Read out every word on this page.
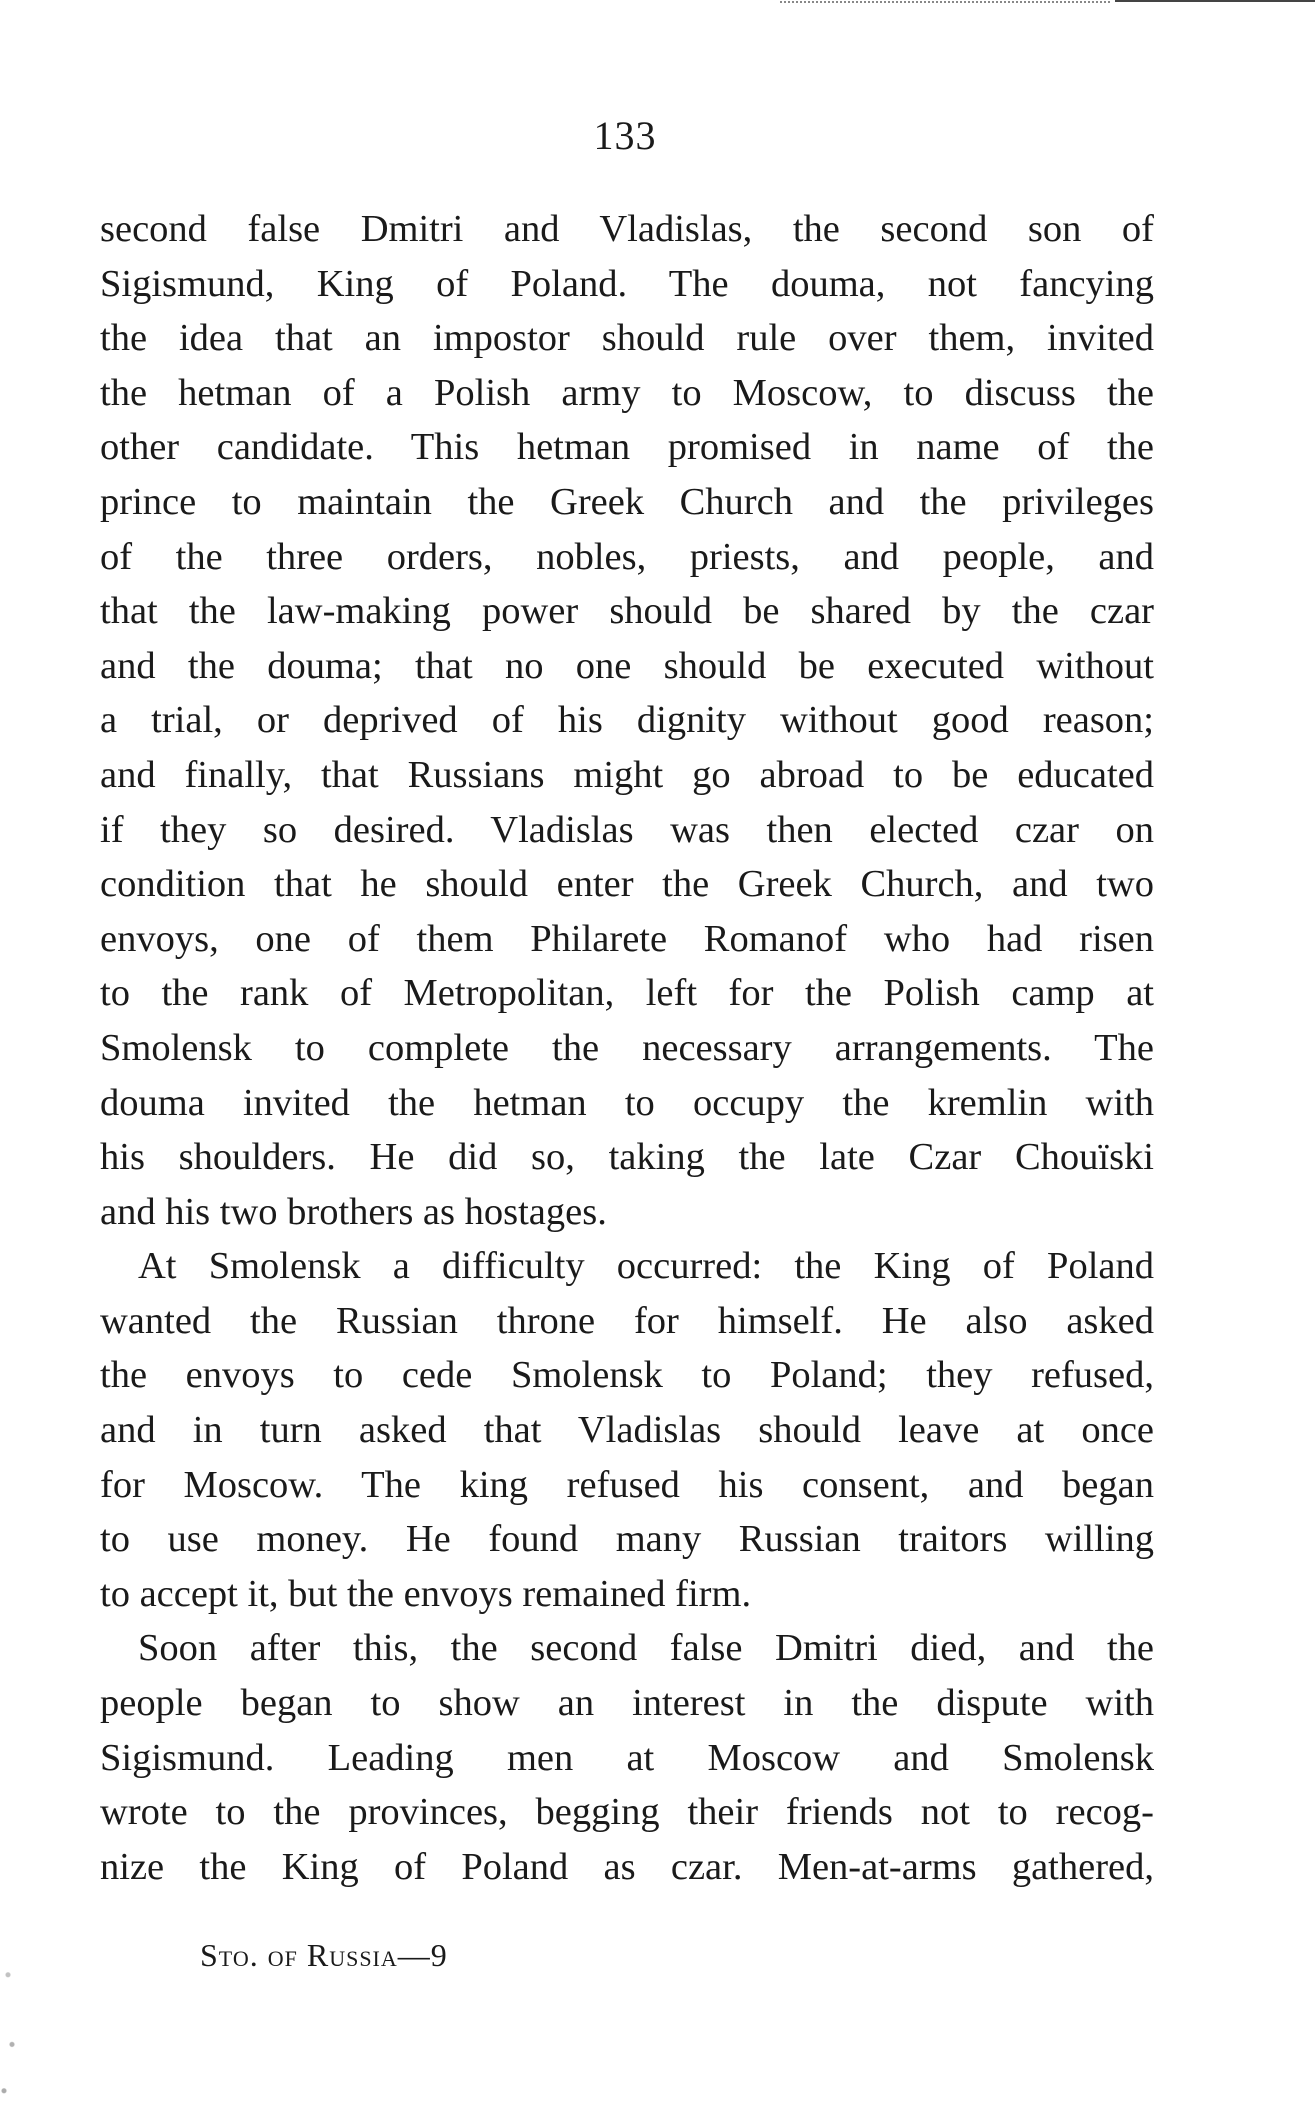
133
second false Dmitri and Vladislas, the second son of
Sigismund, King of Poland. The douma, not fancying
the idea that an impostor should rule over them, invited
the hetman of a Polish army to Moscow, to discuss the
other candidate. This hetman promised in name of the
prince to maintain the Greek Church and the privileges
of the three orders, nobles, priests, and people, and
that the law-making power should be shared by the czar
and the douma; that no one should be executed without
a trial, or deprived of his dignity without good reason;
and finally, that Russians might go abroad to be educated
if they so desired. Vladislas was then elected czar on
condition that he should enter the Greek Church, and two
envoys, one of them Philarete Romanof who had risen
to the rank of Metropolitan, left for the Polish camp at
Smolensk to complete the necessary arrangements. The
douma invited the hetman to occupy the kremlin with
his shoulders. He did so, taking the late Czar Chouïski
and his two brothers as hostages.
At Smolensk a difficulty occurred: the King of Poland
wanted the Russian throne for himself. He also asked
the envoys to cede Smolensk to Poland; they refused,
and in turn asked that Vladislas should leave at once
for Moscow. The king refused his consent, and began
to use money. He found many Russian traitors willing
to accept it, but the envoys remained firm.
Soon after this, the second false Dmitri died, and the
people began to show an interest in the dispute with
Sigismund. Leading men at Moscow and Smolensk
wrote to the provinces, begging their friends not to recog-
nize the King of Poland as czar. Men-at-arms gathered,
Sto. of Russia—9
